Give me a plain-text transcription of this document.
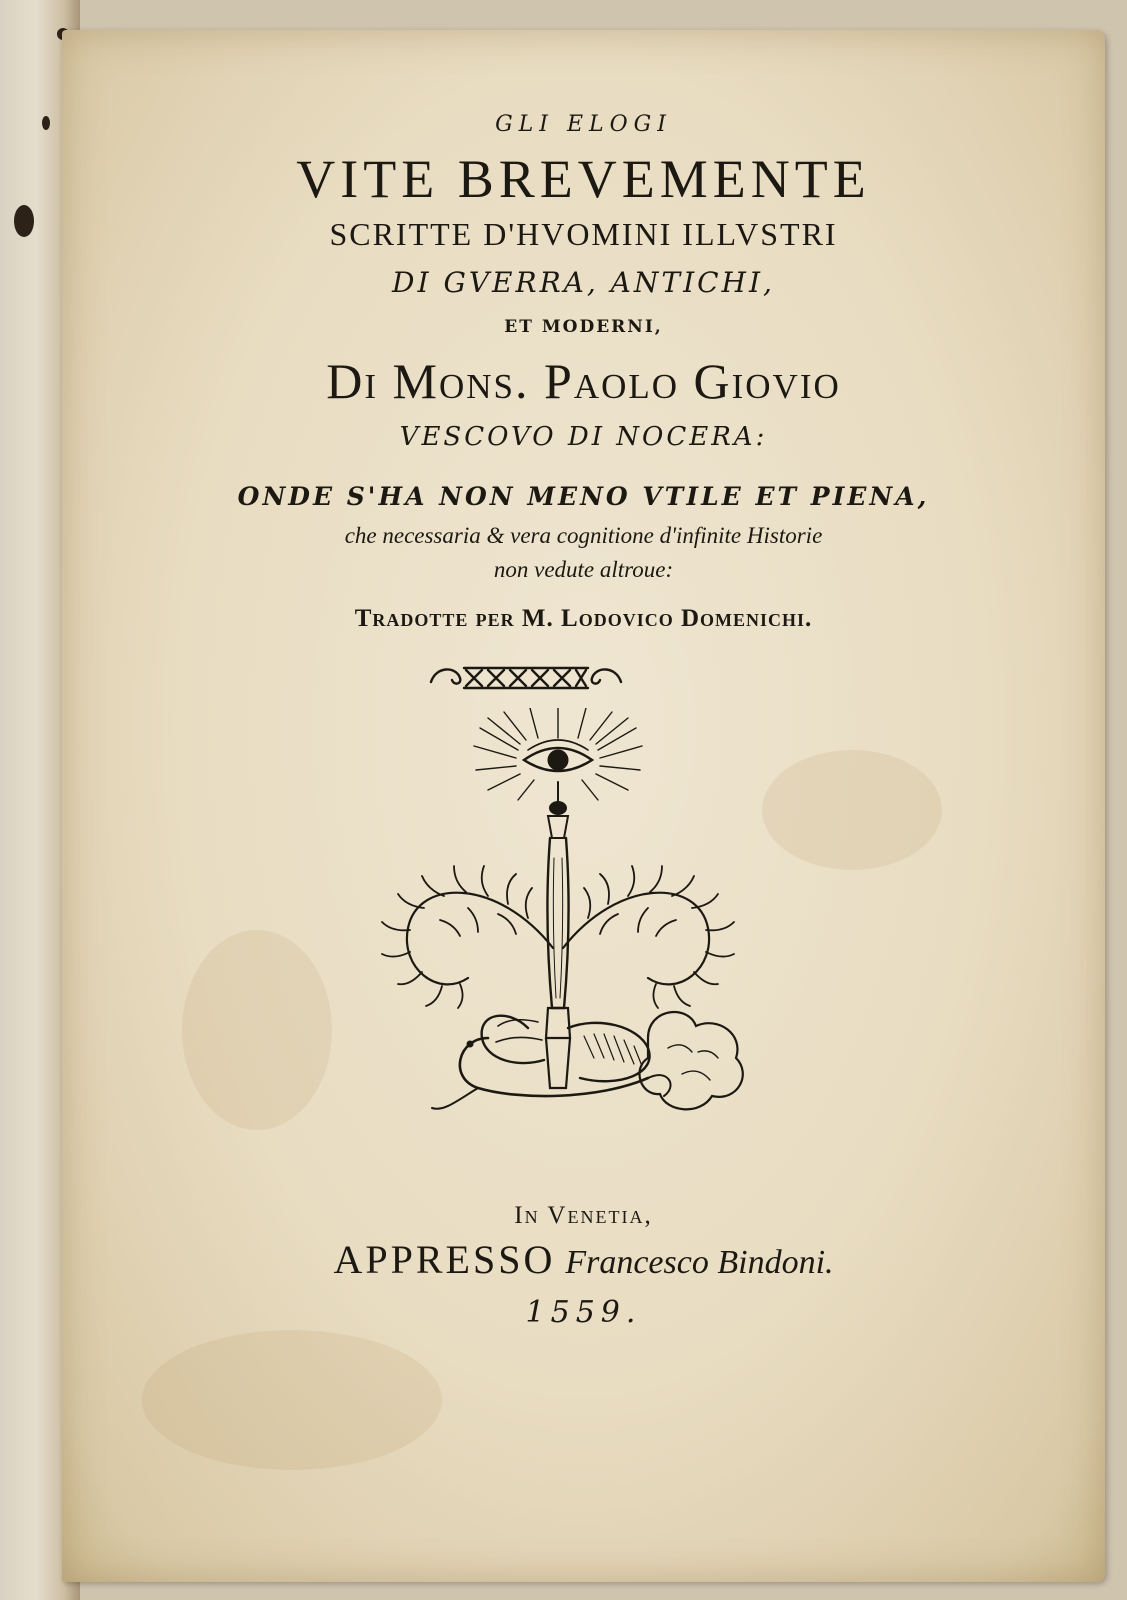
GLI ELOGI
VITE BREVEMENTE
SCRITTE D'HVOMINI ILLVSTRI
DI GVERRA, ANTICHI,
ET MODERNI,
Di Mons. Paolo Giovio
VESCOVO DI NOCERA:
ONDE S'HA NON MENO VTILE ET PIENA,
che necessaria & vera cognitione d'infinite Historie
non vedute altroue:
Tradotte per M. Lodovico Domenichi.
In Venetia,
APPRESSO Francesco Bindoni.
1559.
